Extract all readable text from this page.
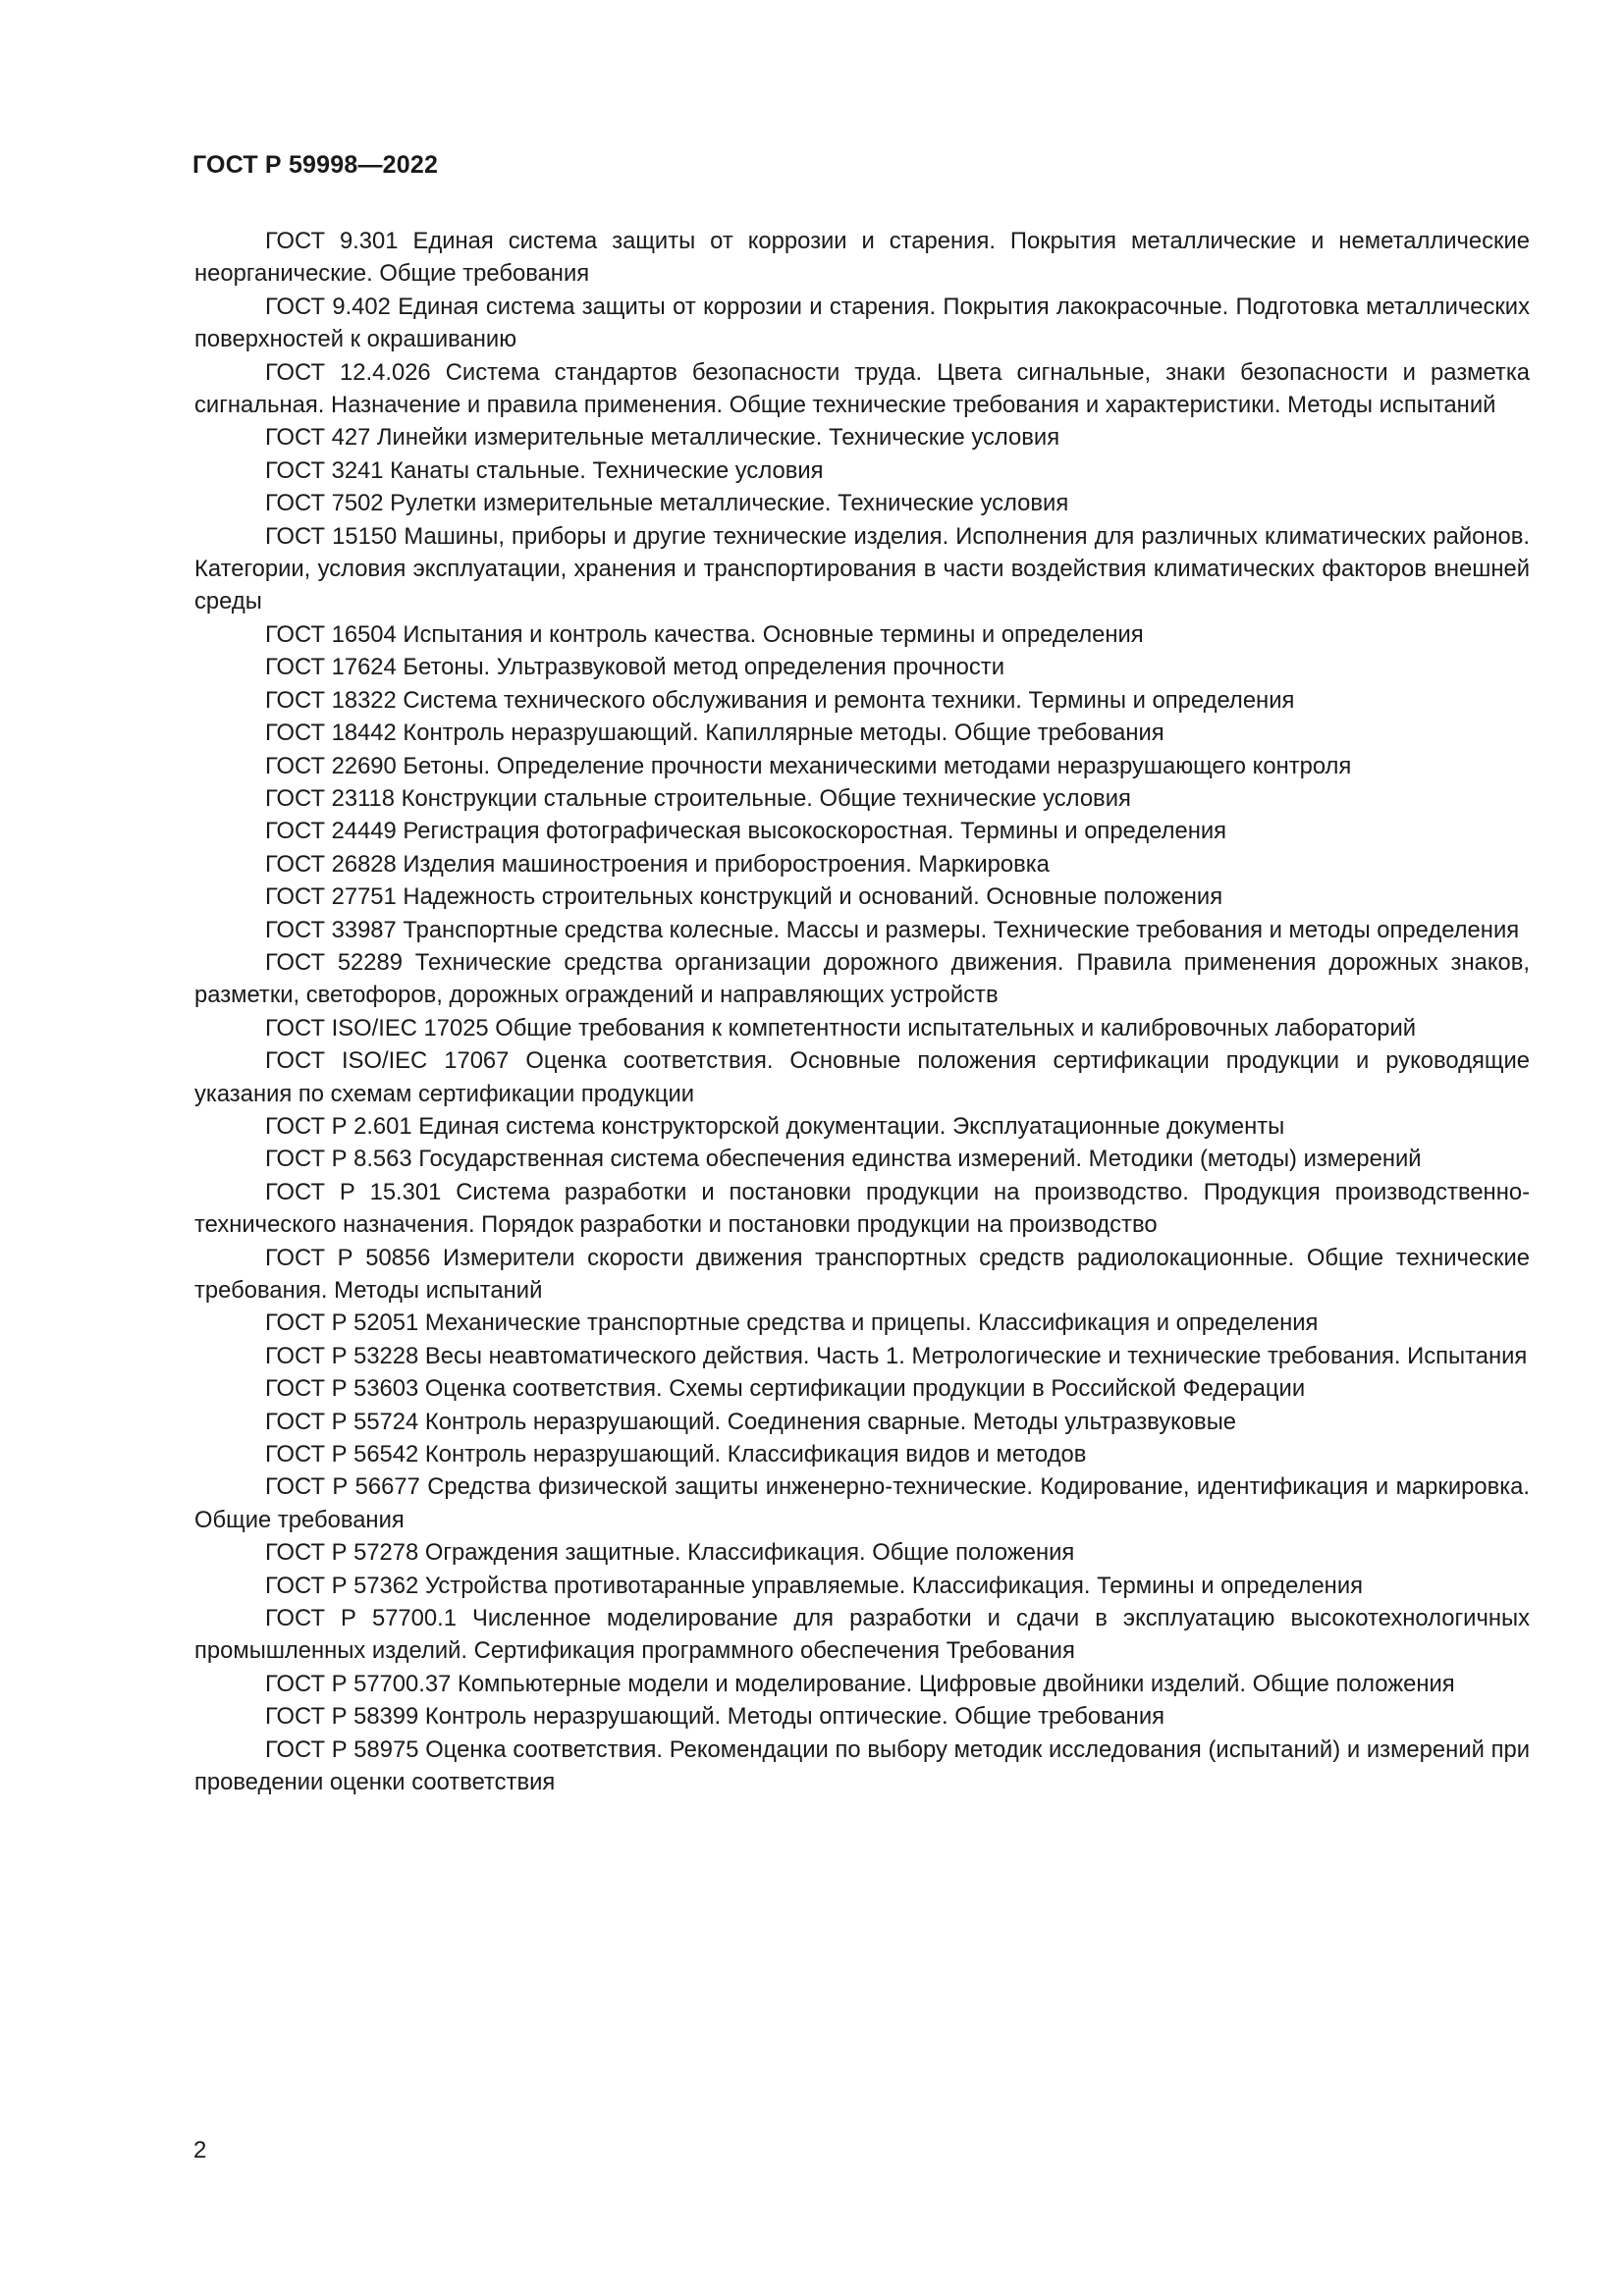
ГОСТ Р 59998—2022

ГОСТ 9.301 Единая система защиты от коррозии и старения. Покрытия металлические и неметаллические неорганические. Общие требования

ГОСТ 9.402 Единая система защиты от коррозии и старения. Покрытия лакокрасочные. Подготовка металлических поверхностей к окрашиванию

ГОСТ 12.4.026 Система стандартов безопасности труда. Цвета сигнальные, знаки безопасности и разметка сигнальная. Назначение и правила применения. Общие технические требования и характеристики. Методы испытаний

ГОСТ 427 Линейки измерительные металлические. Технические условия

ГОСТ 3241 Канаты стальные. Технические условия

ГОСТ 7502 Рулетки измерительные металлические. Технические условия

ГОСТ 15150 Машины, приборы и другие технические изделия. Исполнения для различных климатических районов. Категории, условия эксплуатации, хранения и транспортирования в части воздействия климатических факторов внешней среды

ГОСТ 16504 Испытания и контроль качества. Основные термины и определения

ГОСТ 17624 Бетоны. Ультразвуковой метод определения прочности

ГОСТ 18322 Система технического обслуживания и ремонта техники. Термины и определения

ГОСТ 18442 Контроль неразрушающий. Капиллярные методы. Общие требования

ГОСТ 22690 Бетоны. Определение прочности механическими методами неразрушающего контроля

ГОСТ 23118 Конструкции стальные строительные. Общие технические условия

ГОСТ 24449 Регистрация фотографическая высокоскоростная. Термины и определения

ГОСТ 26828 Изделия машиностроения и приборостроения. Маркировка

ГОСТ 27751 Надежность строительных конструкций и оснований. Основные положения

ГОСТ 33987 Транспортные средства колесные. Массы и размеры. Технические требования и методы определения

ГОСТ 52289 Технические средства организации дорожного движения. Правила применения дорожных знаков, разметки, светофоров, дорожных ограждений и направляющих устройств

ГОСТ ISO/IEC 17025 Общие требования к компетентности испытательных и калибровочных лабораторий

ГОСТ ISO/IEC 17067 Оценка соответствия. Основные положения сертификации продукции и руководящие указания по схемам сертификации продукции

ГОСТ Р 2.601 Единая система конструкторской документации. Эксплуатационные документы

ГОСТ Р 8.563 Государственная система обеспечения единства измерений. Методики (методы) измерений

ГОСТ Р 15.301 Система разработки и постановки продукции на производство. Продукция производственно-технического назначения. Порядок разработки и постановки продукции на производство

ГОСТ Р 50856 Измерители скорости движения транспортных средств радиолокационные. Общие технические требования. Методы испытаний

ГОСТ Р 52051 Механические транспортные средства и прицепы. Классификация и определения

ГОСТ Р 53228 Весы неавтоматического действия. Часть 1. Метрологические и технические требования. Испытания

ГОСТ Р 53603 Оценка соответствия. Схемы сертификации продукции в Российской Федерации

ГОСТ Р 55724 Контроль неразрушающий. Соединения сварные. Методы ультразвуковые

ГОСТ Р 56542 Контроль неразрушающий. Классификация видов и методов

ГОСТ Р 56677 Средства физической защиты инженерно-технические. Кодирование, идентификация и маркировка. Общие требования

ГОСТ Р 57278 Ограждения защитные. Классификация. Общие положения

ГОСТ Р 57362 Устройства противотаранные управляемые. Классификация. Термины и определения

ГОСТ Р 57700.1 Численное моделирование для разработки и сдачи в эксплуатацию высокотехнологичных промышленных изделий. Сертификация программного обеспечения Требования

ГОСТ Р 57700.37 Компьютерные модели и моделирование. Цифровые двойники изделий. Общие положения

ГОСТ Р 58399 Контроль неразрушающий. Методы оптические. Общие требования

ГОСТ Р 58975 Оценка соответствия. Рекомендации по выбору методик исследования (испытаний) и измерений при проведении оценки соответствия

2
